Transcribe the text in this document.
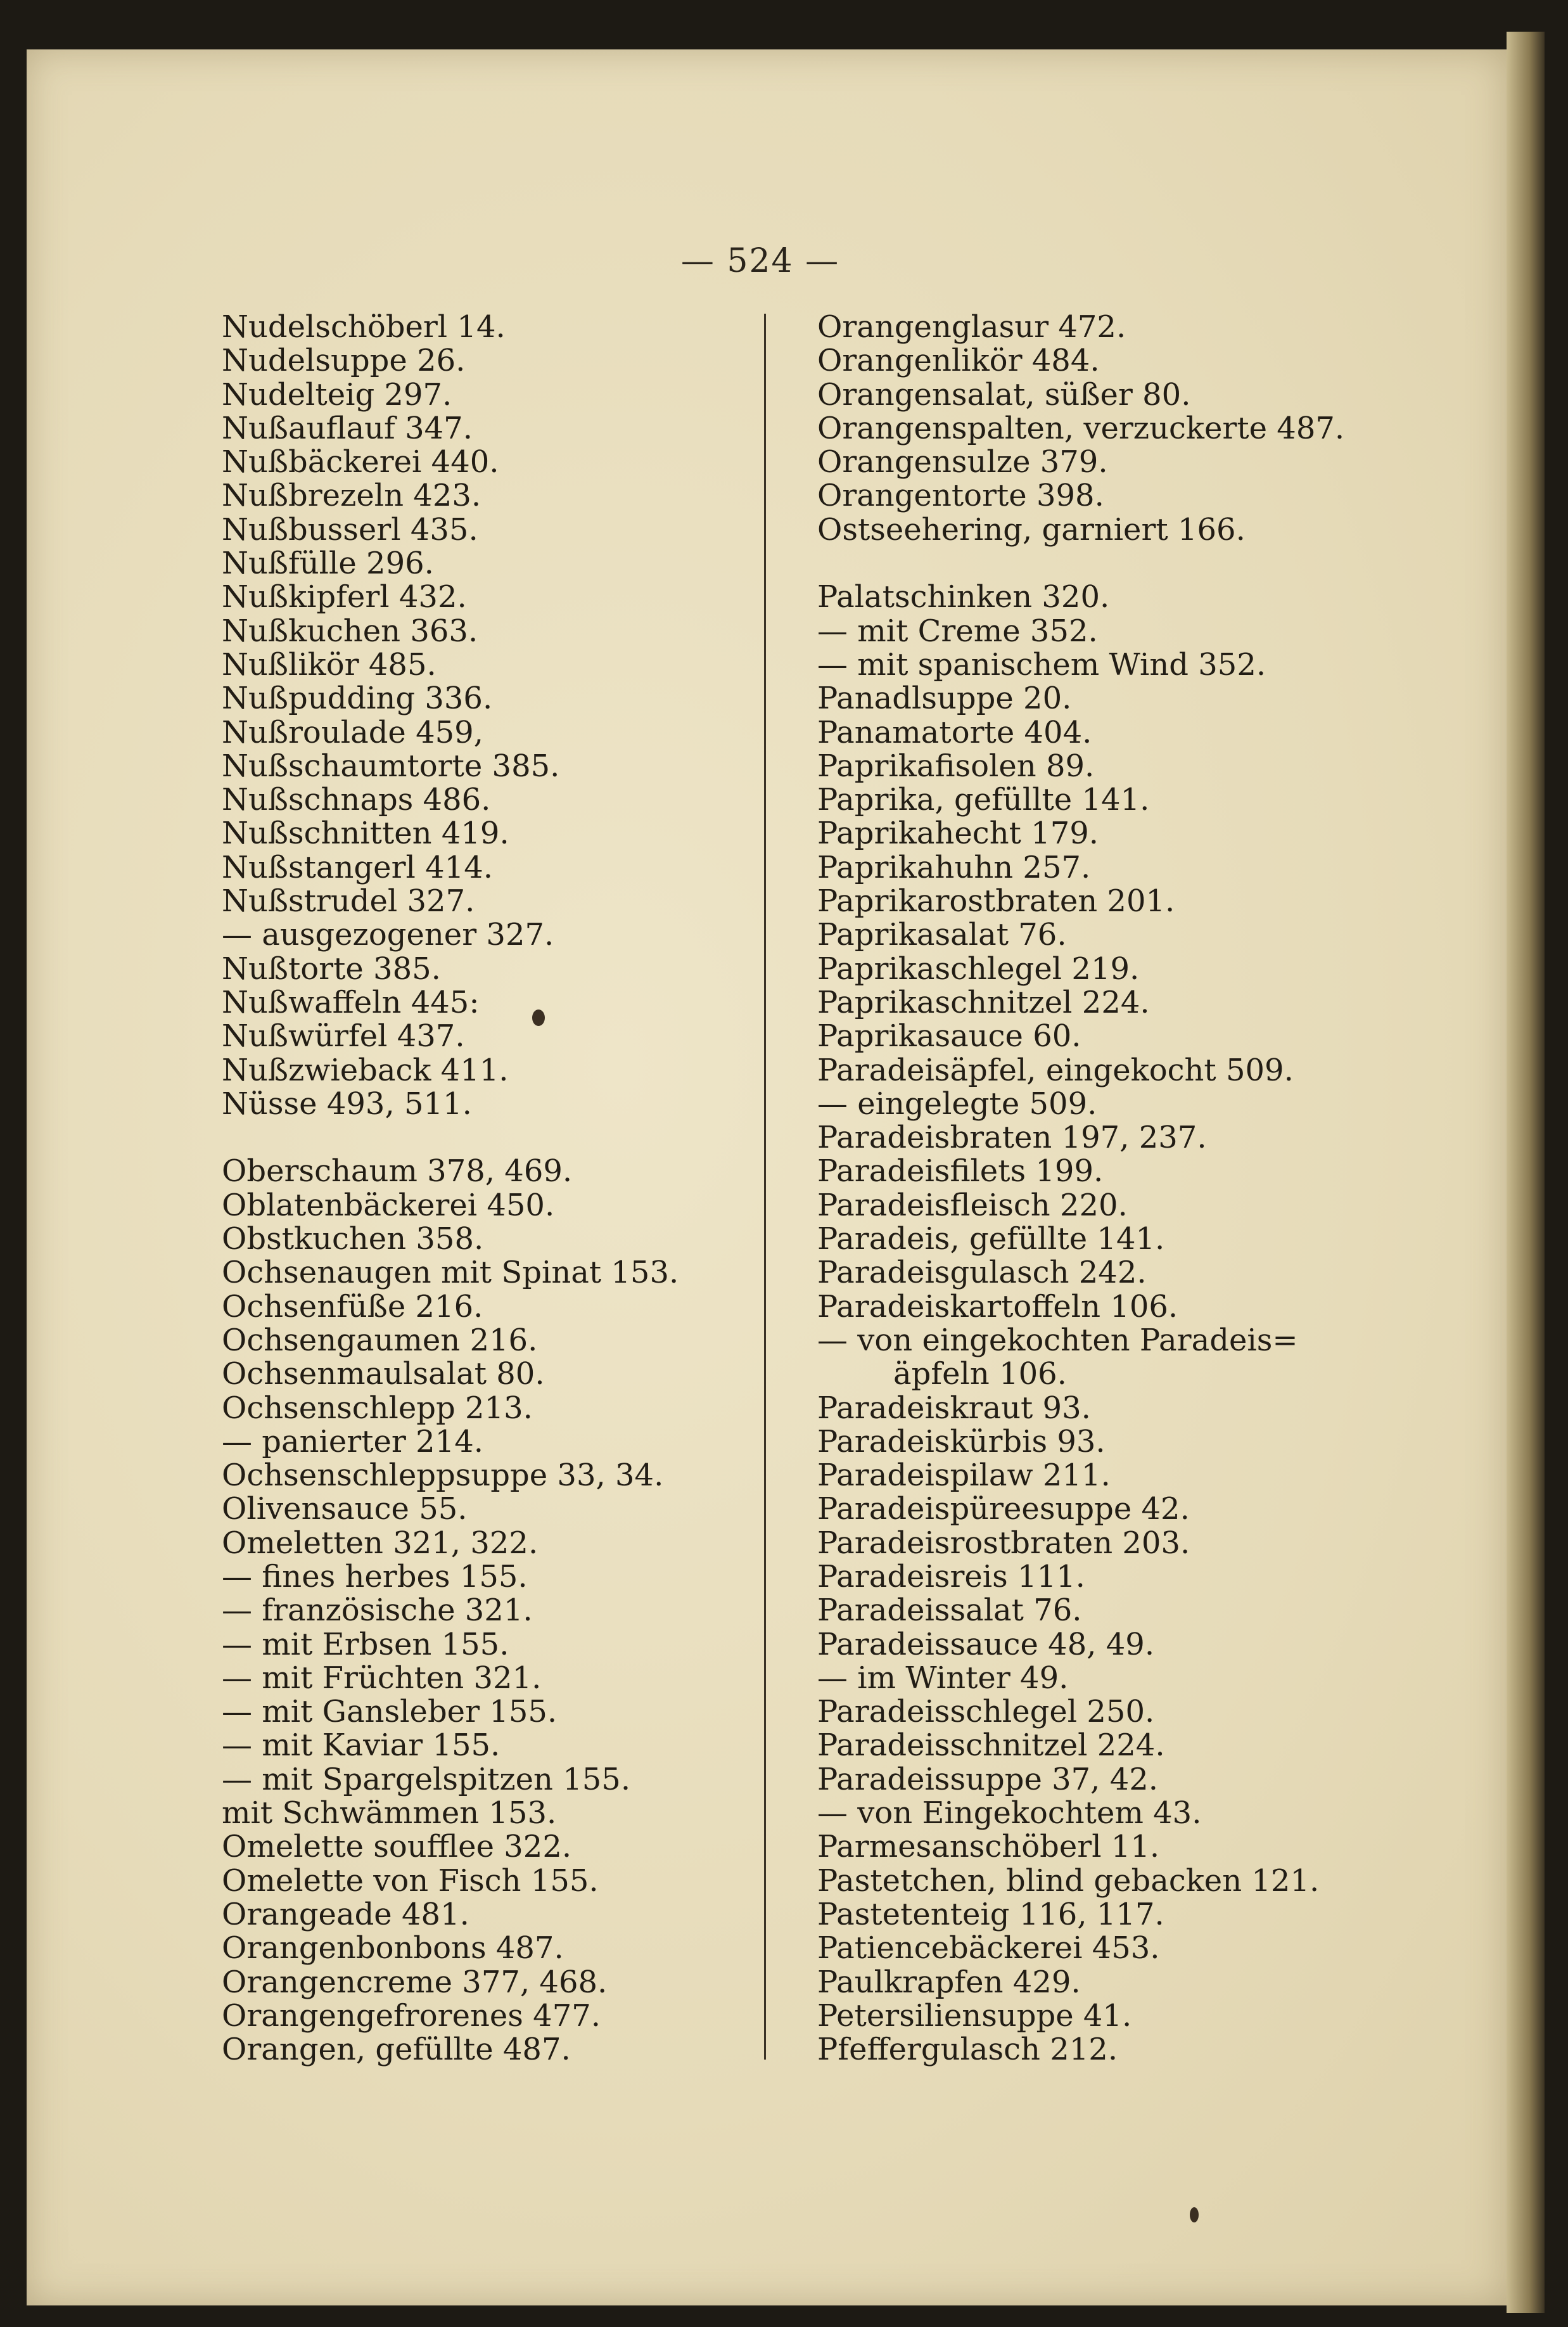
— 524 —
Nudelschöberl 14.
Nudelsuppe 26.
Nudelteig 297.
Nußauflauf 347.
Nußbäckerei 440.
Nußbrezeln 423.
Nußbusserl 435.
Nußfülle 296.
Nußkipferl 432.
Nußkuchen 363.
Nußlikör 485.
Nußpudding 336.
Nußroulade 459,
Nußschaumtorte 385.
Nußschnaps 486.
Nußschnitten 419.
Nußstangerl 414.
Nußstrudel 327.
— ausgezogener 327.
Nußtorte 385.
Nußwaffeln 445:
Nußwürfel 437.
Nußzwieback 411.
Nüsse 493, 511.
Oberschaum 378, 469.
Oblatenbäckerei 450.
Obstkuchen 358.
Ochsenaugen mit Spinat 153.
Ochsenfüße 216.
Ochsengaumen 216.
Ochsenmaulsalat 80.
Ochsenschlepp 213.
— panierter 214.
Ochsenschleppsuppe 33, 34.
Olivensauce 55.
Omeletten 321, 322.
— fines herbes 155.
— französische 321.
— mit Erbsen 155.
— mit Früchten 321.
— mit Gansleber 155.
— mit Kaviar 155.
— mit Spargelspitzen 155.
mit Schwämmen 153.
Omelette soufflee 322.
Omelette von Fisch 155.
Orangeade 481.
Orangenbonbons 487.
Orangencreme 377, 468.
Orangengefrorenes 477.
Orangen, gefüllte 487.
Orangenglasur 472.
Orangenlikör 484.
Orangensalat, süßer 80.
Orangenspalten, verzuckerte 487.
Orangensulze 379.
Orangentorte 398.
Ostseehering, garniert 166.
Palatschinken 320.
— mit Creme 352.
— mit spanischem Wind 352.
Panadlsuppe 20.
Panamatorte 404.
Paprikafisolen 89.
Paprika, gefüllte 141.
Paprikahecht 179.
Paprikahuhn 257.
Paprikarostbraten 201.
Paprikasalat 76.
Paprikaschlegel 219.
Paprikaschnitzel 224.
Paprikasauce 60.
Paradeisäpfel, eingekocht 509.
— eingelegte 509.
Paradeisbraten 197, 237.
Paradeisfilets 199.
Paradeisfleisch 220.
Paradeis, gefüllte 141.
Paradeisgulasch 242.
Paradeiskartoffeln 106.
— von eingekochten Paradeis=
äpfeln 106.
Paradeiskraut 93.
Paradeiskürbis 93.
Paradeispilaw 211.
Paradeispüreesuppe 42.
Paradeisrostbraten 203.
Paradeisreis 111.
Paradeissalat 76.
Paradeissauce 48, 49.
— im Winter 49.
Paradeisschlegel 250.
Paradeisschnitzel 224.
Paradeissuppe 37, 42.
— von Eingekochtem 43.
Parmesanschöberl 11.
Pastetchen, blind gebacken 121.
Pastetenteig 116, 117.
Patiencebäckerei 453.
Paulkrapfen 429.
Petersiliensuppe 41.
Pfeffergulasch 212.
